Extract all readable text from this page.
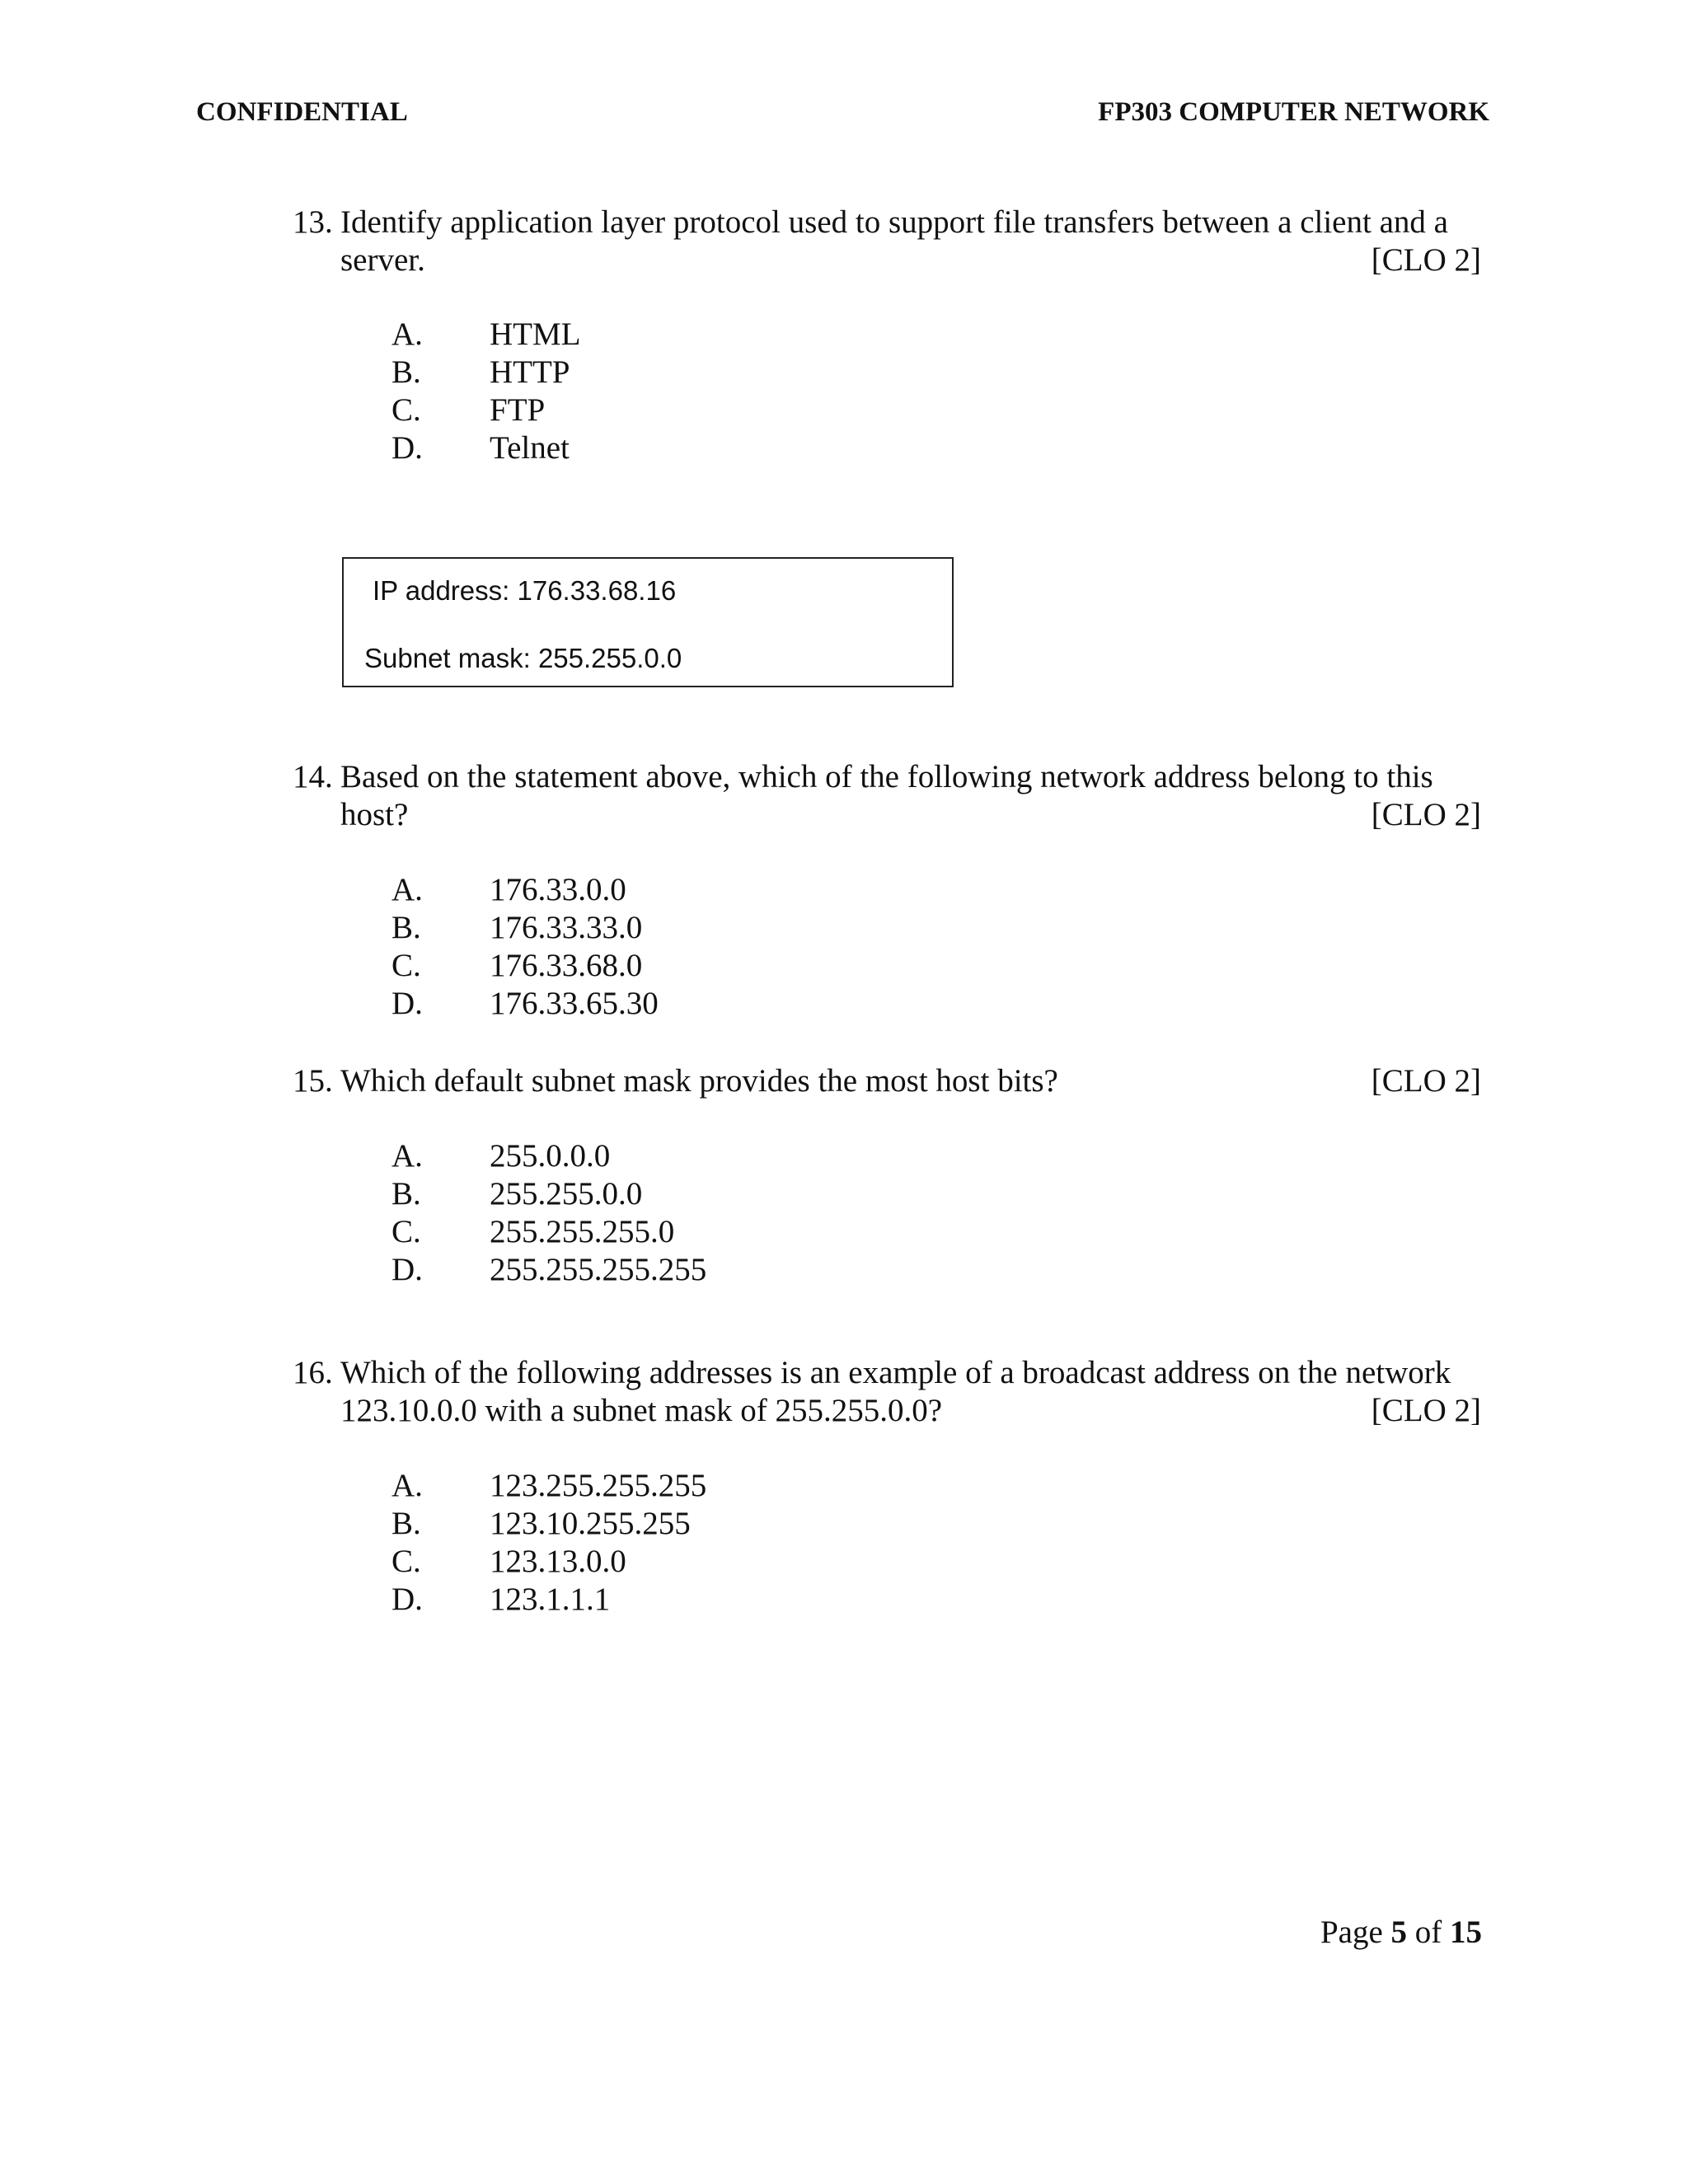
CONFIDENTIAL	FP303 COMPUTER NETWORK
13. Identify application layer protocol used to support file transfers between a client and a
server.	[CLO 2]
A. HTML
B. HTTP
C. FTP
D. Telnet
IP address: 176.33.68.16
Subnet mask: 255.255.0.0
14. Based on the statement above, which of the following network address belong to this
host?	[CLO 2]
A. 176.33.0.0
B. 176.33.33.0
C. 176.33.68.0
D. 176.33.65.30
15. Which default subnet mask provides the most host bits?	[CLO 2]
A. 255.0.0.0
B. 255.255.0.0
C. 255.255.255.0
D. 255.255.255.255
16. Which of the following addresses is an example of a broadcast address on the network
123.10.0.0 with a subnet mask of 255.255.0.0?	[CLO 2]
A. 123.255.255.255
B. 123.10.255.255
C. 123.13.0.0
D. 123.1.1.1
Page 5 of 15
